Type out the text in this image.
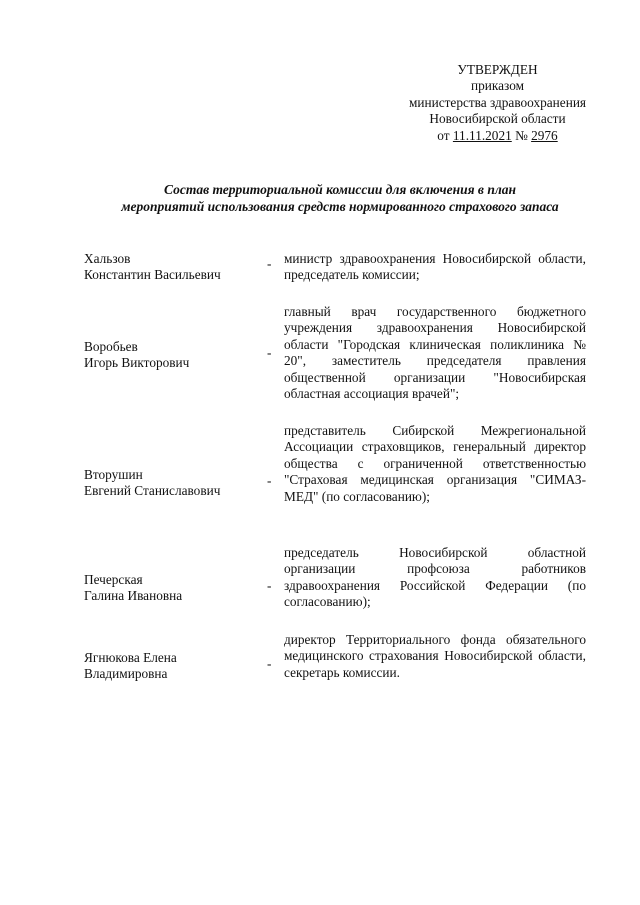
УТВЕРЖДЕН
приказом
министерства здравоохранения
Новосибирской области
от 11.11.2021 № 2976
Состав территориальной комиссии для включения в план
мероприятий использования средств нормированного страхового запаса
Хальзов
Константин Васильевич
- министр здравоохранения Новосибирской области, председатель комиссии;
Воробьев
Игорь Викторович
-
главный врач государственного бюджетного учреждения здравоохранения Новосибирской области "Городская клиническая поликлиника № 20", заместитель председателя правления общественной организации "Новосибирская областная ассоциация врачей";
Вторушин
Евгений Станиславович
-
представитель Сибирской Межрегиональной Ассоциации страховщиков, генеральный директор общества с ограниченной ответственностью "Страховая медицинская организация "СИМАЗ-МЕД" (по согласованию);
Печерская
Галина Ивановна
-
председатель Новосибирской областной организации профсоюза работников здравоохранения Российской Федерации (по согласованию);
Ягнюкова Елена
Владимировна
-
директор Территориального фонда обязательного медицинского страхования Новосибирской области, секретарь комиссии.
